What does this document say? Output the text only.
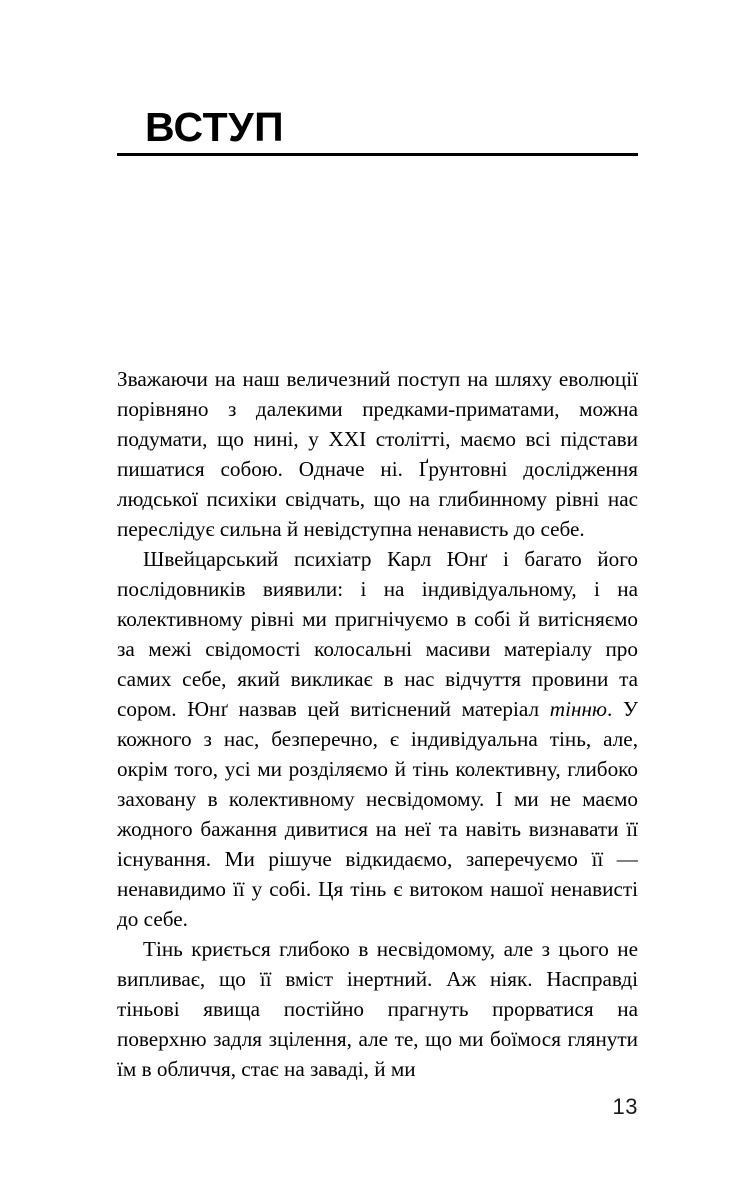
ВСТУП

Зважаючи на наш величезний поступ на шляху еволюції порівняно з далекими предками-приматами, можна подумати, що нині, у XXI столітті, маємо всі підстави пишатися собою. Одначе ні. Ґрунтовні дослідження людської психіки свідчать, що на глибинному рівні нас переслідує сильна й невідступна ненависть до себе.

Швейцарський психіатр Карл Юнґ і багато його послідовників виявили: і на індивідуальному, і на колективному рівні ми пригнічуємо в собі й витісняємо за межі свідомості колосальні масиви матеріалу про самих себе, який викликає в нас відчуття провини та сором. Юнґ назвав цей витіснений матеріал тінню. У кожного з нас, безперечно, є індивідуальна тінь, але, окрім того, усі ми розділяємо й тінь колективну, глибоко заховану в колективному несвідомому. І ми не маємо жодного бажання дивитися на неї та навіть визнавати її існування. Ми рішуче відкидаємо, заперечуємо її — ненавидимо її у собі. Ця тінь є витоком нашої ненависті до себе.

Тінь криється глибоко в несвідомому, але з цього не випливає, що її вміст інертний. Аж ніяк. Насправді тіньові явища постійно прагнуть прорватися на поверхню задля зцілення, але те, що ми боїмося глянути їм в обличчя, стає на заваді, й ми

13
